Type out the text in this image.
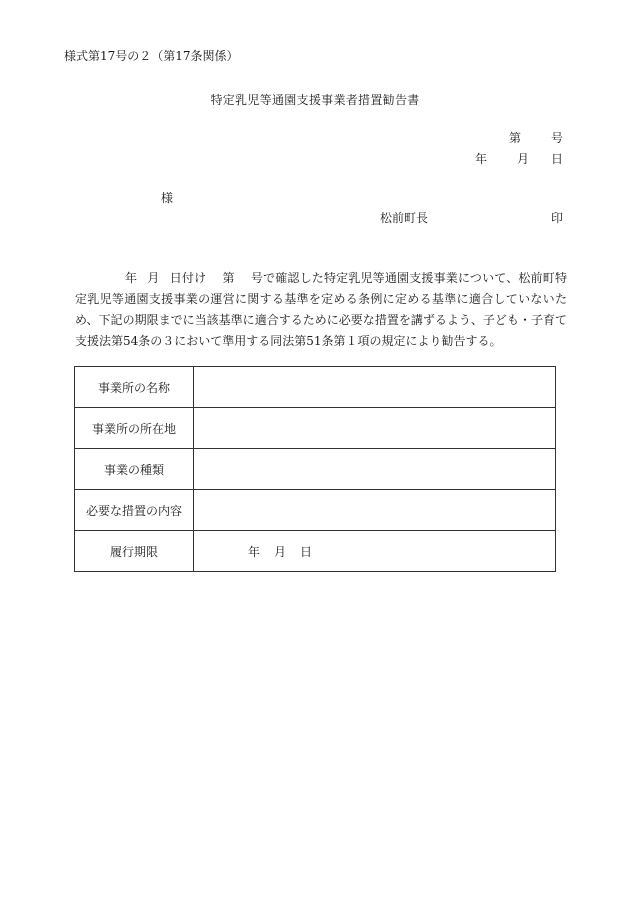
様式第17号の２（第17条関係）
特定乳児等通園支援事業者措置勧告書
第	号
年	月 日
様
松前町長	印
年 月 日付け 第 号で確認した特定乳児等通園支援事業について、松前町特定乳児等通園支援事業の運営に関する基準を定める条例に定める基準に適合していないため、下記の期限までに当該基準に適合するために必要な措置を講ずるよう、子ども・子育て支援法第54条の３において準用する同法第51条第１項の規定により勧告する。
事業所の名称	
事業所の所在地	
事業の種類	
必要な措置の内容	
履行期限	年 月 日
